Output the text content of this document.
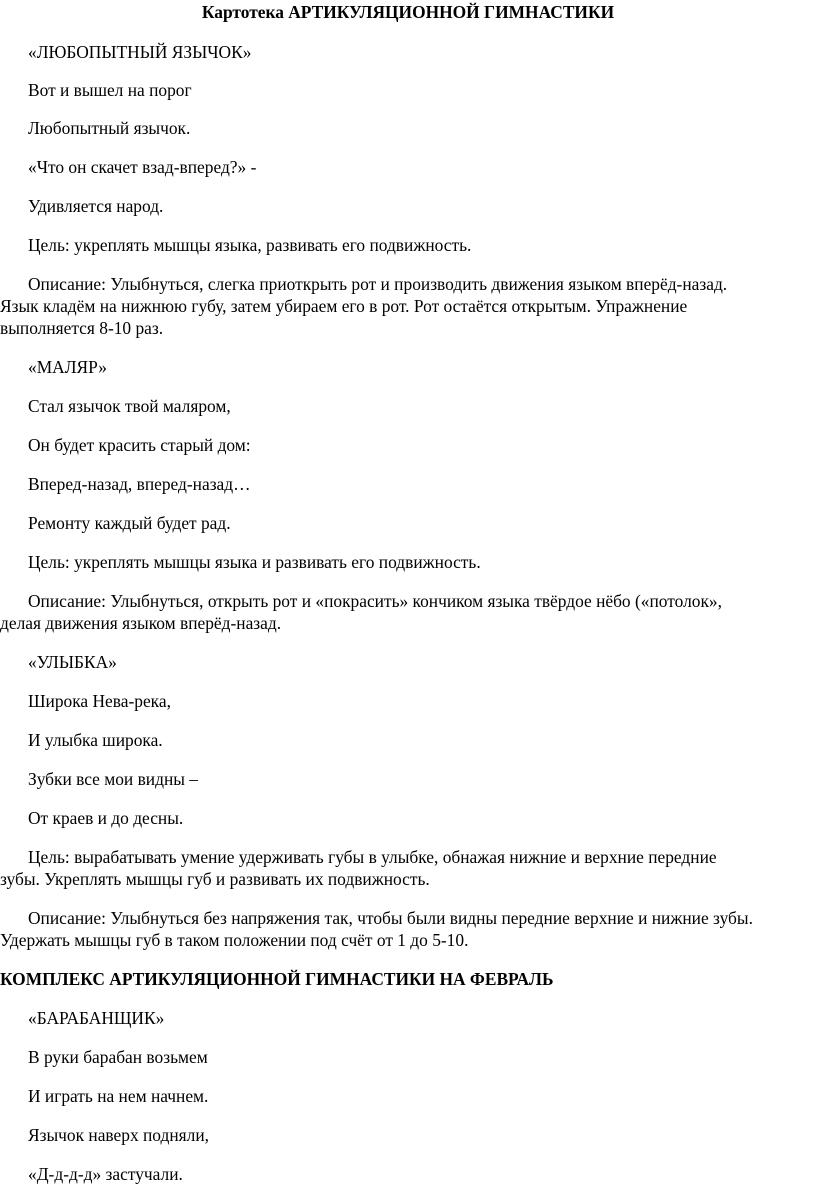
Картотека АРТИКУЛЯЦИОННОЙ ГИМНАСТИКИ
«ЛЮБОПЫТНЫЙ ЯЗЫЧОК»
Вот и вышел на порог
Любопытный язычок.
«Что он скачет взад-вперед?» -
Удивляется народ.
Цель: укреплять мышцы языка, развивать его подвижность.
Описание: Улыбнуться, слегка приоткрыть рот и производить движения языком вперёд-назад.
Язык кладём на нижнюю губу, затем убираем его в рот. Рот остаётся открытым. Упражнение
выполняется 8-10 раз.
«МАЛЯР»
Стал язычок твой маляром,
Он будет красить старый дом:
Вперед-назад, вперед-назад…
Ремонту каждый будет рад.
Цель: укреплять мышцы языка и развивать его подвижность.
Описание: Улыбнуться, открыть рот и «покрасить» кончиком языка твёрдое нёбо («потолок»,
делая движения языком вперёд-назад.
«УЛЫБКА»
Широка Нева-река,
И улыбка широка.
Зубки все мои видны –
От краев и до десны.
Цель: вырабатывать умение удерживать губы в улыбке, обнажая нижние и верхние передние
зубы. Укреплять мышцы губ и развивать их подвижность.
Описание: Улыбнуться без напряжения так, чтобы были видны передние верхние и нижние зубы.
Удержать мышцы губ в таком положении под счёт от 1 до 5-10.
КОМПЛЕКС АРТИКУЛЯЦИОННОЙ ГИМНАСТИКИ НА ФЕВРАЛЬ
«БАРАБАНЩИК»
В руки барабан возьмем
И играть на нем начнем.
Язычок наверх подняли,
«Д-д-д-д» застучали.
